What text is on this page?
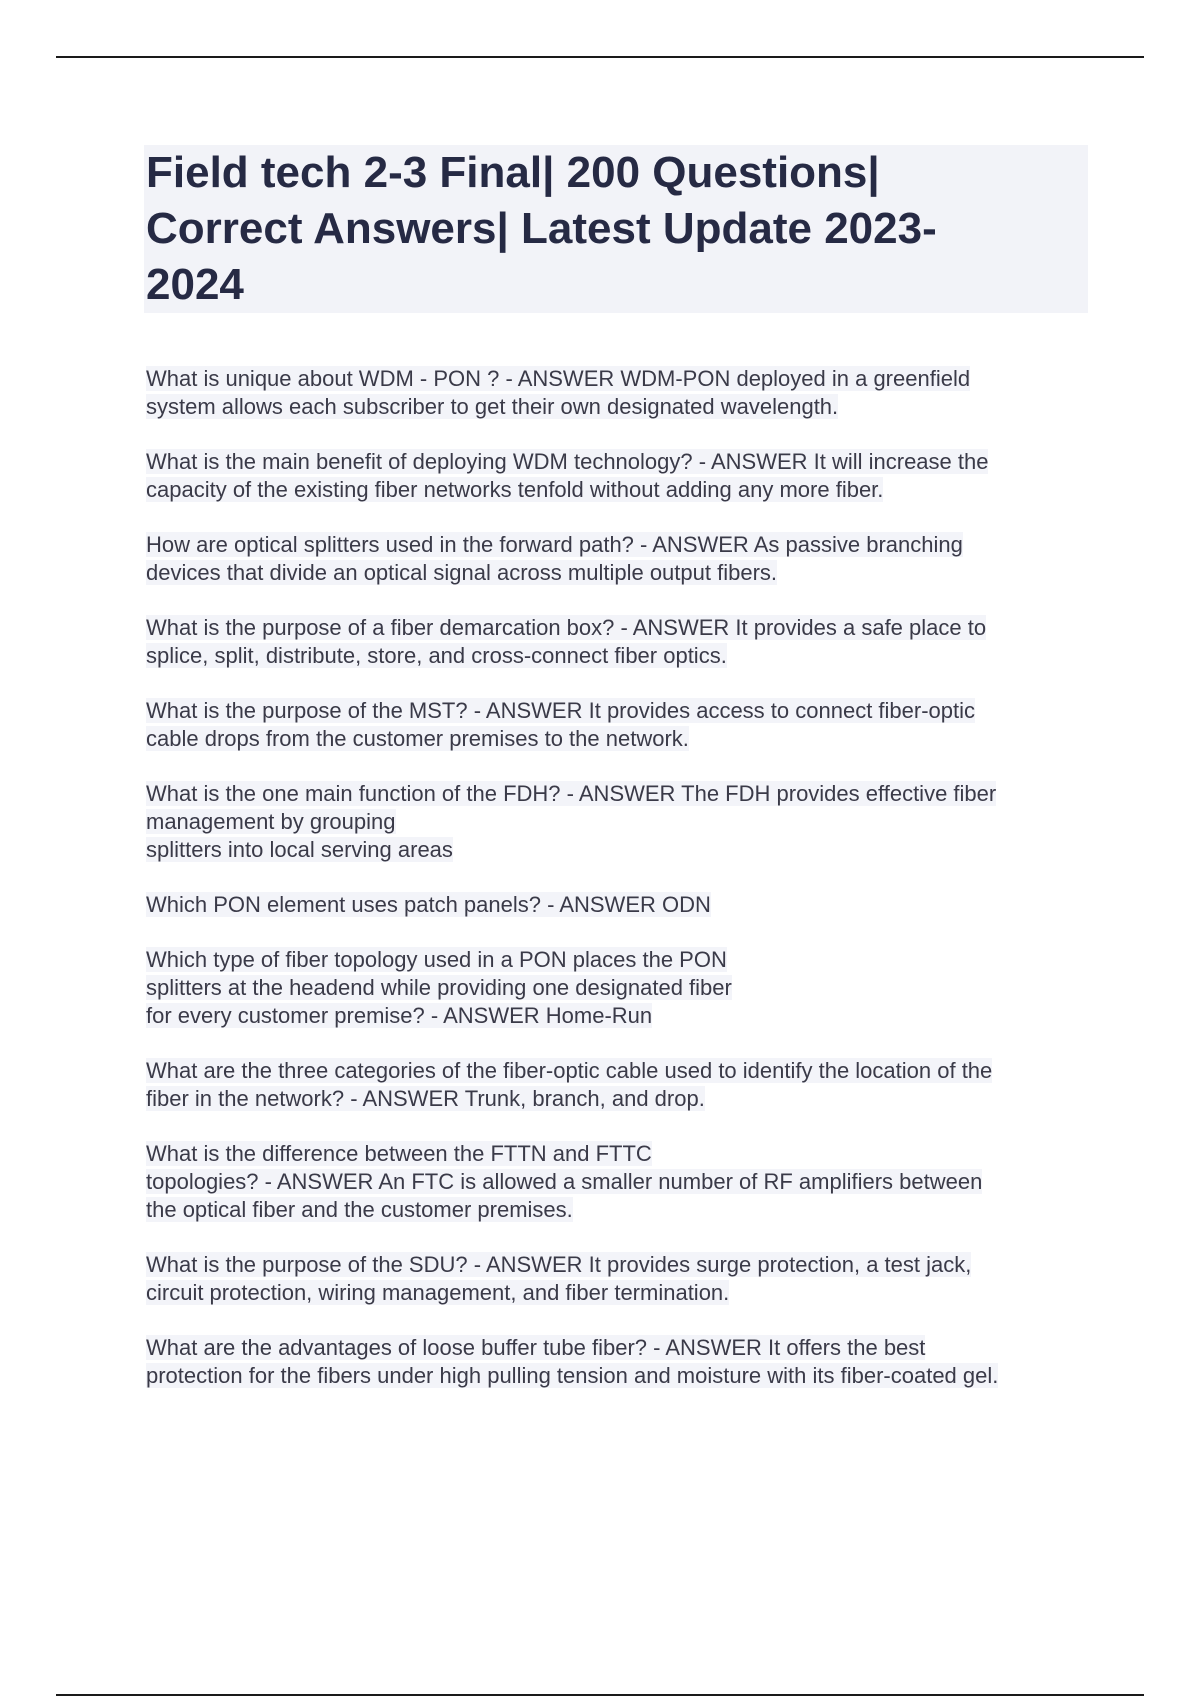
Field tech 2-3 Final| 200 Questions|
Correct Answers| Latest Update 2023-
2024

What is unique about WDM - PON ? - ANSWER WDM-PON deployed in a greenfield
system allows each subscriber to get their own designated wavelength.

What is the main benefit of deploying WDM technology? - ANSWER It will increase the
capacity of the existing fiber networks tenfold without adding any more fiber.

How are optical splitters used in the forward path? - ANSWER As passive branching
devices that divide an optical signal across multiple output fibers.

What is the purpose of a fiber demarcation box? - ANSWER It provides a safe place to
splice, split, distribute, store, and cross-connect fiber optics.

What is the purpose of the MST? - ANSWER It provides access to connect fiber-optic
cable drops from the customer premises to the network.

What is the one main function of the FDH? - ANSWER The FDH provides effective fiber
management by grouping
splitters into local serving areas

Which PON element uses patch panels? - ANSWER ODN

Which type of fiber topology used in a PON places the PON
splitters at the headend while providing one designated fiber
for every customer premise? - ANSWER Home-Run

What are the three categories of the fiber-optic cable used to identify the location of the
fiber in the network? - ANSWER Trunk, branch, and drop.

What is the difference between the FTTN and FTTC
topologies? - ANSWER An FTC is allowed a smaller number of RF amplifiers between
the optical fiber and the customer premises.

What is the purpose of the SDU? - ANSWER It provides surge protection, a test jack,
circuit protection, wiring management, and fiber termination.

What are the advantages of loose buffer tube fiber? - ANSWER It offers the best
protection for the fibers under high pulling tension and moisture with its fiber-coated gel.
